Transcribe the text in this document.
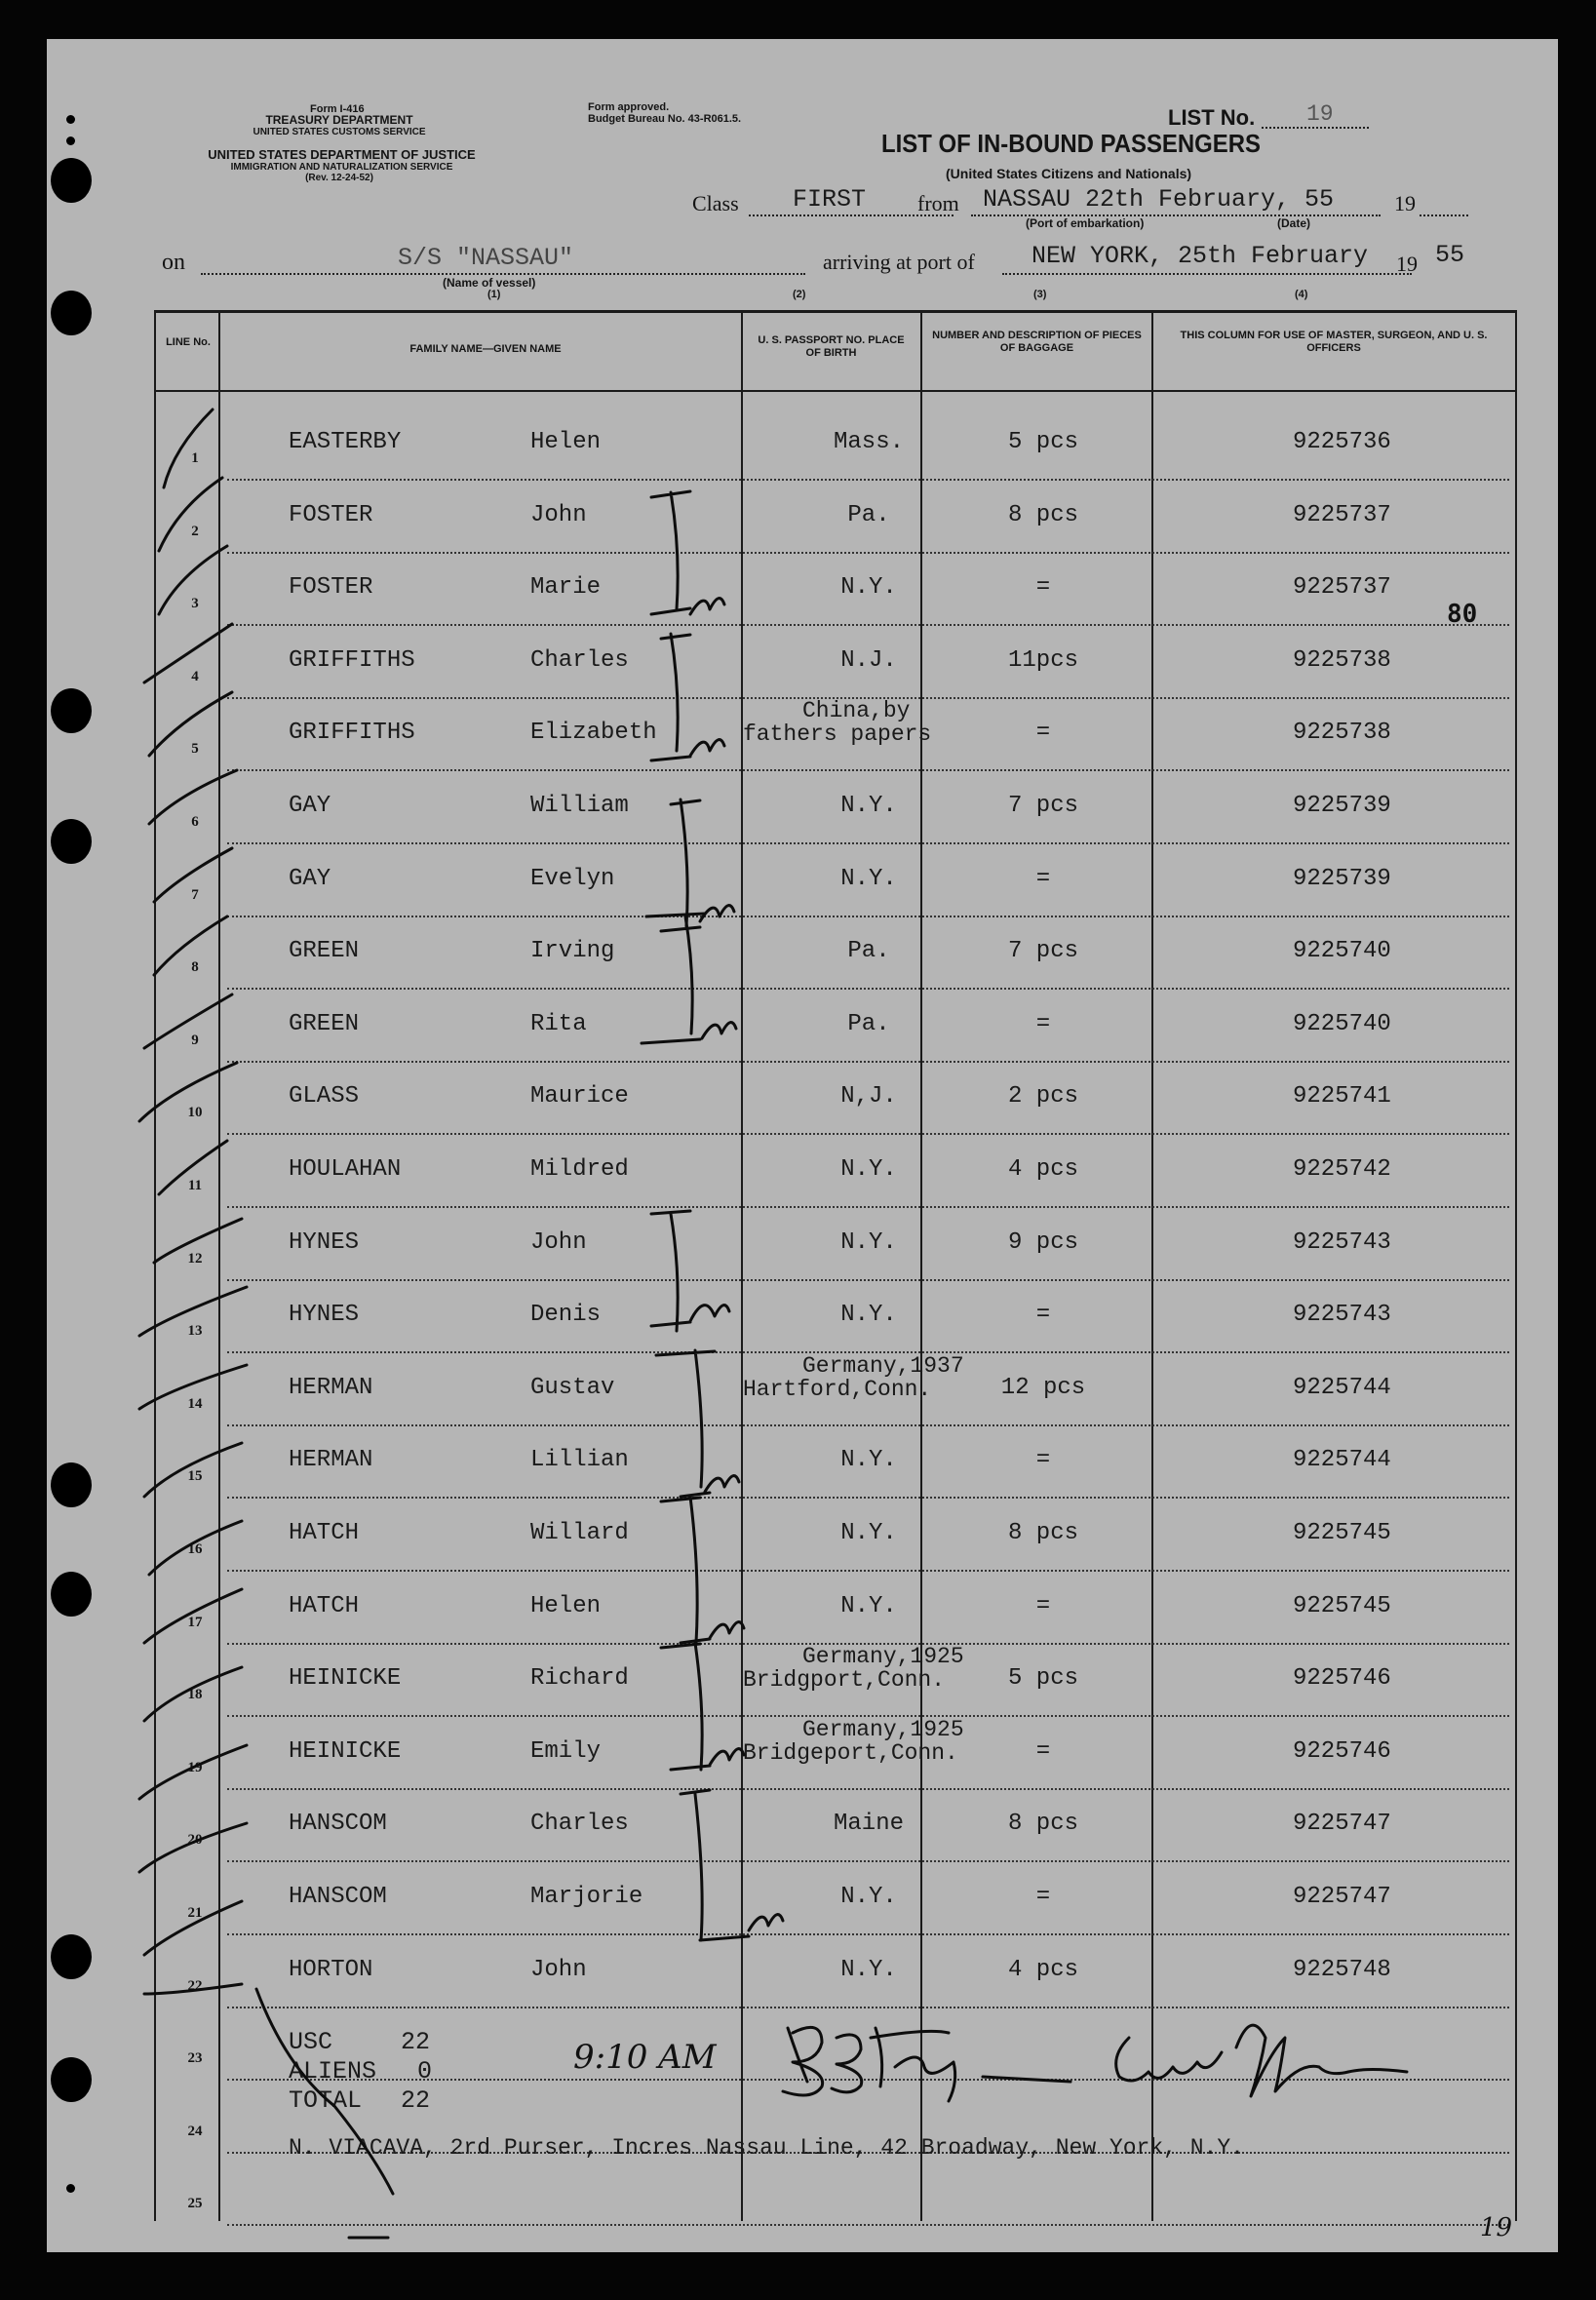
Form I-416
TREASURY DEPARTMENT
UNITED STATES CUSTOMS SERVICE
UNITED STATES DEPARTMENT OF JUSTICE
IMMIGRATION AND NATURALIZATION SERVICE
(Rev. 12-24-52)
Form approved.
Budget Bureau No. 43-R061.5.	LIST No. 19
LIST OF IN-BOUND PASSENGERS
(United States Citizens and Nationals)
Class FIRST from NASSAU 22th February, 55	19
(Port of embarkation)	(Date)
on	S/S "NASSAU"
(Name of vessel)
(1)
arriving at port of NEW YORK, 25th February 19 55
(2)	(3)	(4)
LINE No.
FAMILY NAME—GIVEN NAME
U. S. PASSPORT NO. PLACE OF BIRTH
NUMBER AND DESCRIPTION OF PIECES OF BAGGAGE
THIS COLUMN FOR USE OF MASTER, SURGEON, AND U. S. OFFICERS
1
EASTERBY	Helen	Mass.	5 pcs	9225736
2
FOSTER	John	Pa.	8 pcs	9225737
3
FOSTER	Marie	N.Y.	=	9225737
4
GRIFFITHS	Charles	N.J.	11pcs	9225738
5
GRIFFITHS	Elizabeth
China,by
fathers papers	=	9225738
6
GAY	William	N.Y.	7 pcs	9225739
7
GAY	Evelyn	N.Y.	=	9225739
8
GREEN	Irving	Pa.	7 pcs	9225740
9
GREEN	Rita	Pa.	=	9225740
10
GLASS	Maurice	N,J.	2 pcs	9225741
11
HOULAHAN	Mildred	N.Y.	4 pcs	9225742
12
HYNES	John	N.Y.	9 pcs	9225743
13
HYNES	Denis	N.Y.	=	9225743
14
HERMAN	Gustav
Germany,1937
Hartford,Conn.	12 pcs	9225744
15
HERMAN	Lillian	N.Y.	=	9225744
16
HATCH	Willard	N.Y.	8 pcs	9225745
17
HATCH	Helen	N.Y.	=	9225745
18
HEINICKE	Richard
Germany,1925
Bridgport,Conn.	5 pcs	9225746
19
HEINICKE	Emily
Germany,1925
Bridgeport,Conn.	=	9225746
20
HANSCOM	Charles	Maine	8 pcs	9225747
21
HANSCOM	Marjorie	N.Y.	=	9225747
22
HORTON	John	N.Y.	4 pcs	9225748
23
24
25
USC	22
ALIENS 0
TOTAL 22
9:10 AM
N. VIACAVA, 2rd Purser, Incres Nassau Line, 42 Broadway, New York, N.Y.
80
19
